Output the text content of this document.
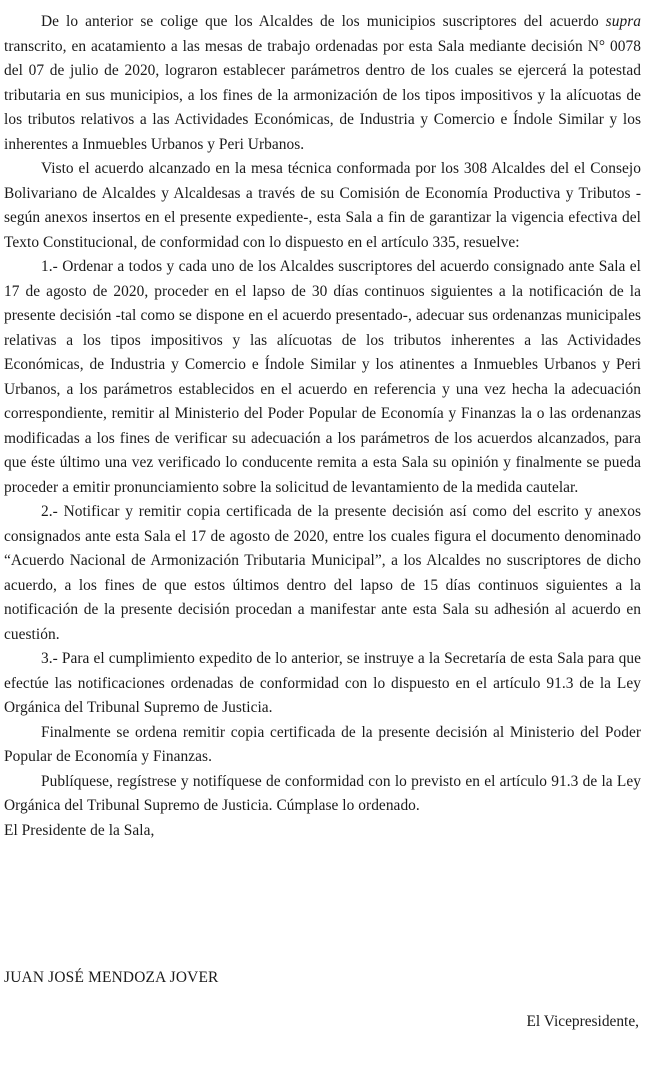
De lo anterior se colige que los Alcaldes de los municipios suscriptores del acuerdo supra transcrito, en acatamiento a las mesas de trabajo ordenadas por esta Sala mediante decisión N° 0078 del 07 de julio de 2020, lograron establecer parámetros dentro de los cuales se ejercerá la potestad tributaria en sus municipios, a los fines de la armonización de los tipos impositivos y la alícuotas de los tributos relativos a las Actividades Económicas, de Industria y Comercio e Índole Similar y los inherentes a Inmuebles Urbanos y Peri Urbanos.

Visto el acuerdo alcanzado en la mesa técnica conformada por los 308 Alcaldes del el Consejo Bolivariano de Alcaldes y Alcaldesas a través de su Comisión de Economía Productiva y Tributos -según anexos insertos en el presente expediente-, esta Sala a fin de garantizar la vigencia efectiva del Texto Constitucional, de conformidad con lo dispuesto en el artículo 335, resuelve:

1.- Ordenar a todos y cada uno de los Alcaldes suscriptores del acuerdo consignado ante Sala el 17 de agosto de 2020, proceder en el lapso de 30 días continuos siguientes a la notificación de la presente decisión -tal como se dispone en el acuerdo presentado-, adecuar sus ordenanzas municipales relativas a los tipos impositivos y las alícuotas de los tributos inherentes a las Actividades Económicas, de Industria y Comercio e Índole Similar y los atinentes a Inmuebles Urbanos y Peri Urbanos, a los parámetros establecidos en el acuerdo en referencia y una vez hecha la adecuación correspondiente, remitir al Ministerio del Poder Popular de Economía y Finanzas la o las ordenanzas modificadas a los fines de verificar su adecuación a los parámetros de los acuerdos alcanzados, para que éste último una vez verificado lo conducente remita a esta Sala su opinión y finalmente se pueda proceder a emitir pronunciamiento sobre la solicitud de levantamiento de la medida cautelar.

2.- Notificar y remitir copia certificada de la presente decisión así como del escrito y anexos consignados ante esta Sala el 17 de agosto de 2020, entre los cuales figura el documento denominado “Acuerdo Nacional de Armonización Tributaria Municipal”, a los Alcaldes no suscriptores de dicho acuerdo, a los fines de que estos últimos dentro del lapso de 15 días continuos siguientes a la notificación de la presente decisión procedan a manifestar ante esta Sala su adhesión al acuerdo en cuestión.

3.- Para el cumplimiento expedito de lo anterior, se instruye a la Secretaría de esta Sala para que efectúe las notificaciones ordenadas de conformidad con lo dispuesto en el artículo 91.3 de la Ley Orgánica del Tribunal Supremo de Justicia.

Finalmente se ordena remitir copia certificada de la presente decisión al Ministerio del Poder Popular de Economía y Finanzas.

Publíquese, regístrese y notifíquese de conformidad con lo previsto en el artículo 91.3 de la Ley Orgánica del Tribunal Supremo de Justicia. Cúmplase lo ordenado.

El Presidente de la Sala,

JUAN JOSÉ MENDOZA JOVER
El Vicepresidente,
